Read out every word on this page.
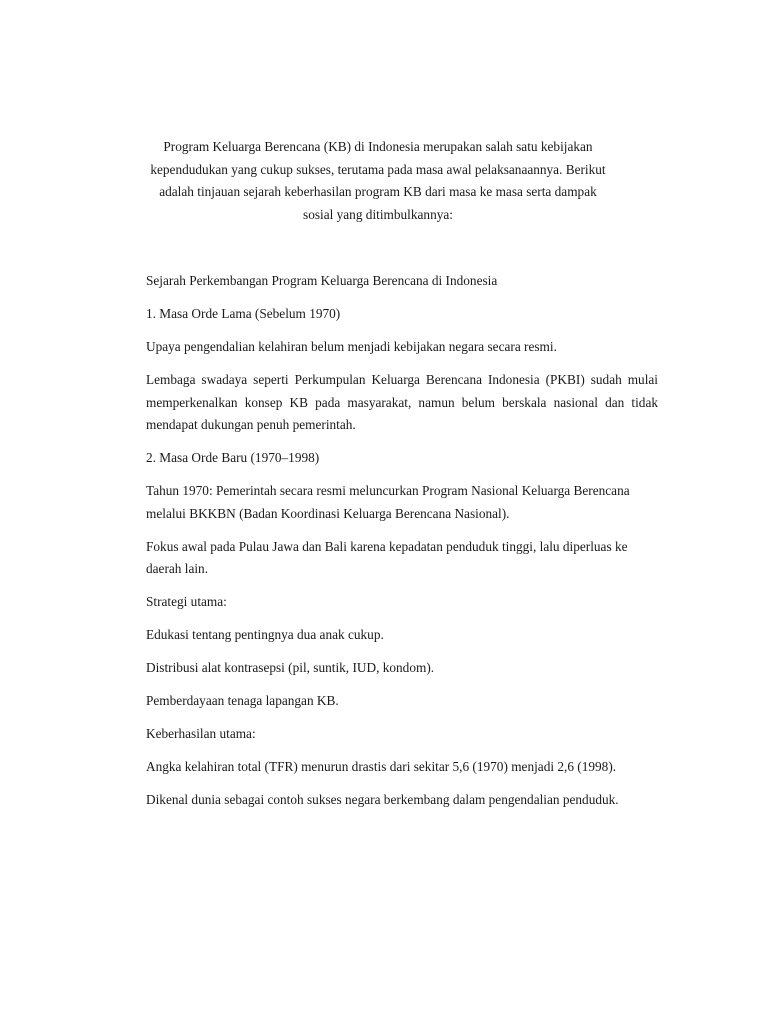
Program Keluarga Berencana (KB) di Indonesia merupakan salah satu kebijakan kependudukan yang cukup sukses, terutama pada masa awal pelaksanaannya. Berikut adalah tinjauan sejarah keberhasilan program KB dari masa ke masa serta dampak sosial yang ditimbulkannya:

Sejarah Perkembangan Program Keluarga Berencana di Indonesia

1. Masa Orde Lama (Sebelum 1970)

Upaya pengendalian kelahiran belum menjadi kebijakan negara secara resmi.

Lembaga swadaya seperti Perkumpulan Keluarga Berencana Indonesia (PKBI) sudah mulai memperkenalkan konsep KB pada masyarakat, namun belum berskala nasional dan tidak mendapat dukungan penuh pemerintah.

2. Masa Orde Baru (1970–1998)

Tahun 1970: Pemerintah secara resmi meluncurkan Program Nasional Keluarga Berencana melalui BKKBN (Badan Koordinasi Keluarga Berencana Nasional).

Fokus awal pada Pulau Jawa dan Bali karena kepadatan penduduk tinggi, lalu diperluas ke daerah lain.

Strategi utama:

Edukasi tentang pentingnya dua anak cukup.

Distribusi alat kontrasepsi (pil, suntik, IUD, kondom).

Pemberdayaan tenaga lapangan KB.

Keberhasilan utama:

Angka kelahiran total (TFR) menurun drastis dari sekitar 5,6 (1970) menjadi 2,6 (1998).

Dikenal dunia sebagai contoh sukses negara berkembang dalam pengendalian penduduk.
